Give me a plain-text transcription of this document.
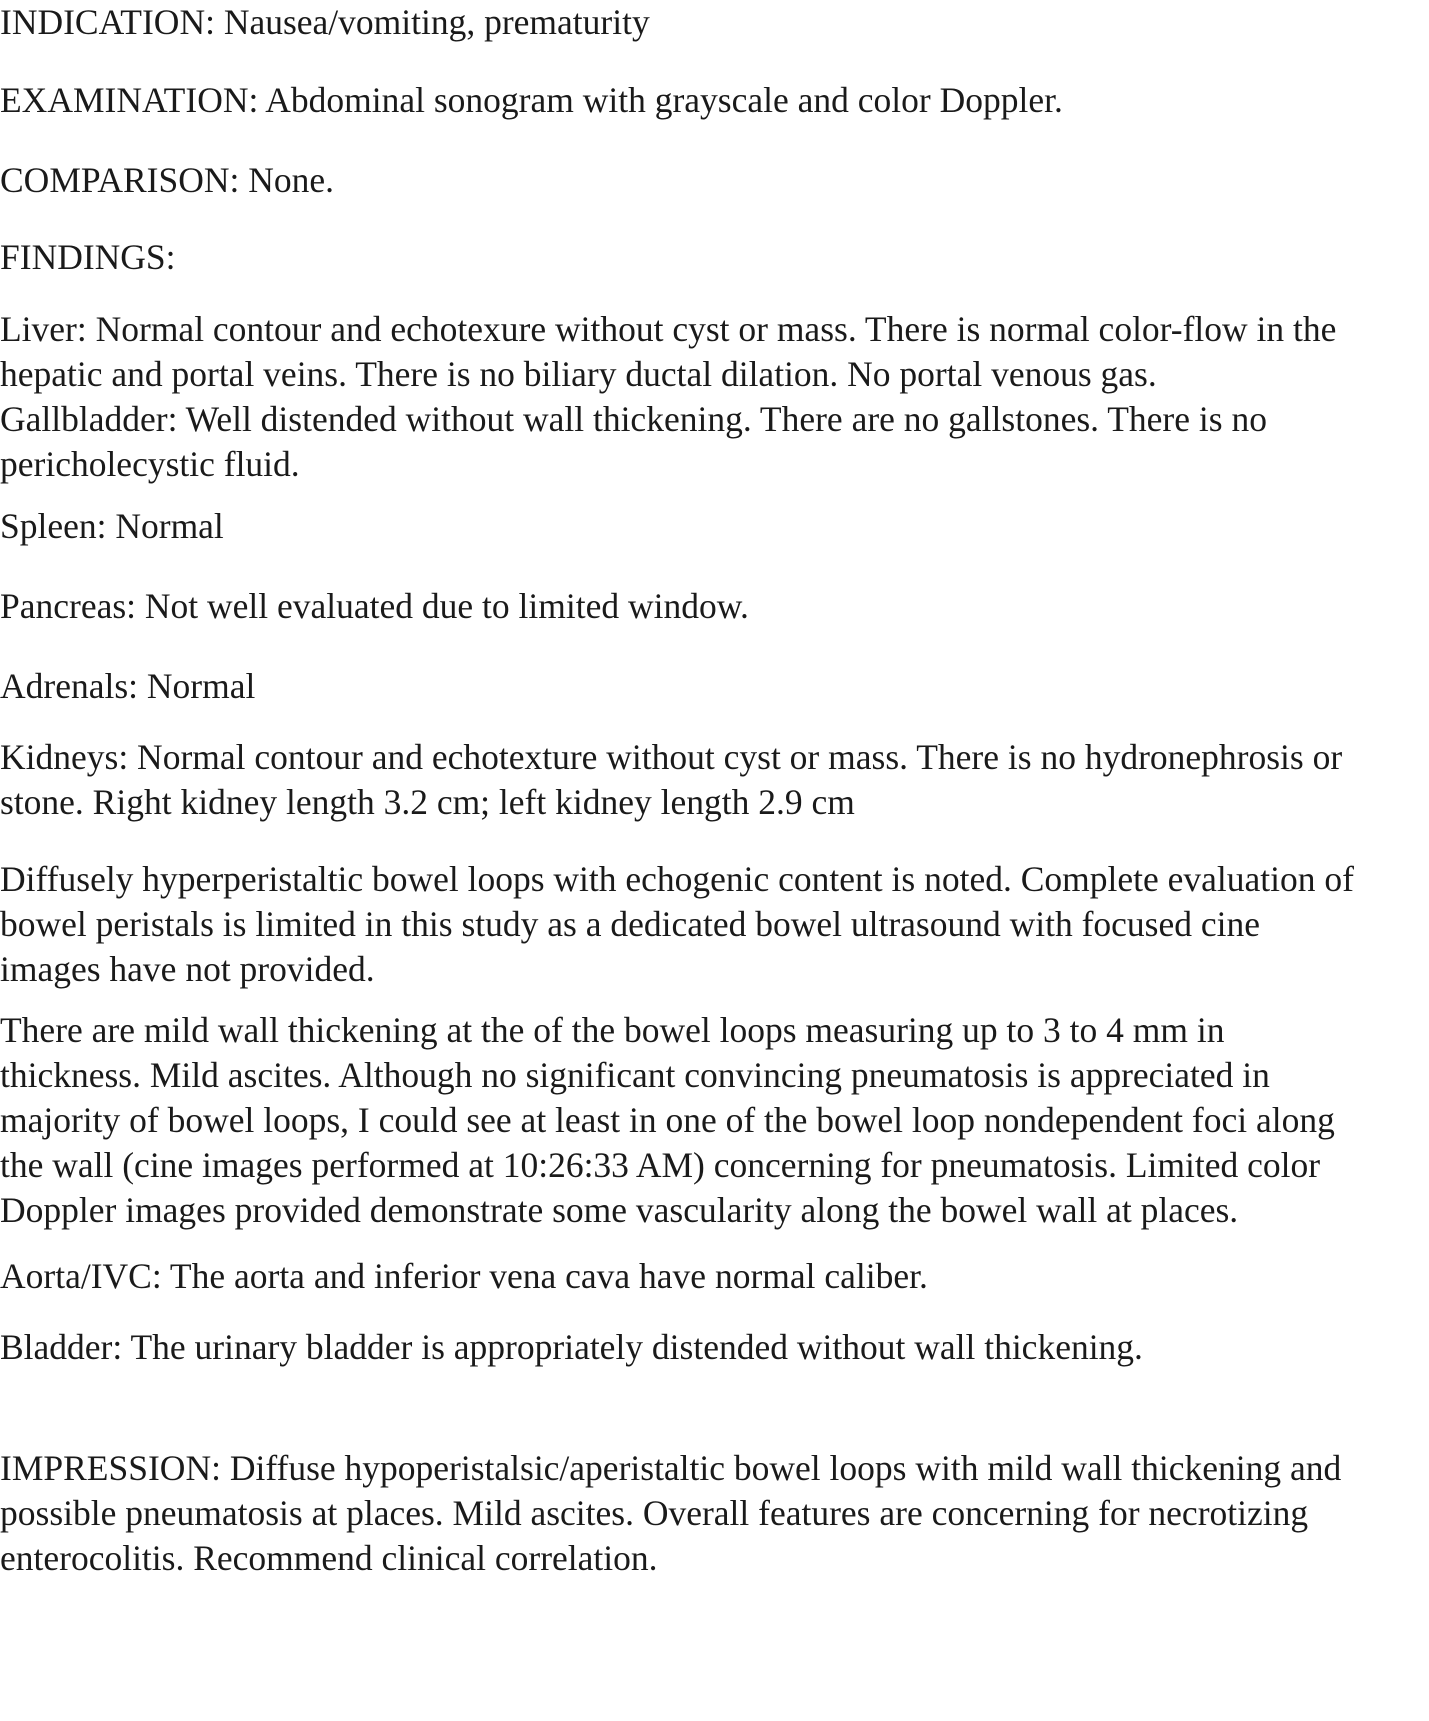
INDICATION: Nausea/vomiting, prematurity

EXAMINATION: Abdominal sonogram with grayscale and color Doppler.

COMPARISON: None.

FINDINGS:

Liver: Normal contour and echotexure without cyst or mass. There is normal color-flow in the
hepatic and portal veins. There is no biliary ductal dilation. No portal venous gas.
Gallbladder: Well distended without wall thickening. There are no gallstones. There is no
pericholecystic fluid.

Spleen: Normal

Pancreas: Not well evaluated due to limited window.

Adrenals: Normal

Kidneys: Normal contour and echotexture without cyst or mass. There is no hydronephrosis or
stone. Right kidney length 3.2 cm; left kidney length 2.9 cm

Diffusely hyperperistaltic bowel loops with echogenic content is noted. Complete evaluation of
bowel peristals is limited in this study as a dedicated bowel ultrasound with focused cine
images have not provided.

There are mild wall thickening at the of the bowel loops measuring up to 3 to 4 mm in
thickness. Mild ascites. Although no significant convincing pneumatosis is appreciated in
majority of bowel loops, I could see at least in one of the bowel loop nondependent foci along
the wall (cine images performed at 10:26:33 AM) concerning for pneumatosis. Limited color
Doppler images provided demonstrate some vascularity along the bowel wall at places.

Aorta/IVC: The aorta and inferior vena cava have normal caliber.

Bladder: The urinary bladder is appropriately distended without wall thickening.

IMPRESSION: Diffuse hypoperistalsic/aperistaltic bowel loops with mild wall thickening and
possible pneumatosis at places. Mild ascites. Overall features are concerning for necrotizing
enterocolitis. Recommend clinical correlation.
